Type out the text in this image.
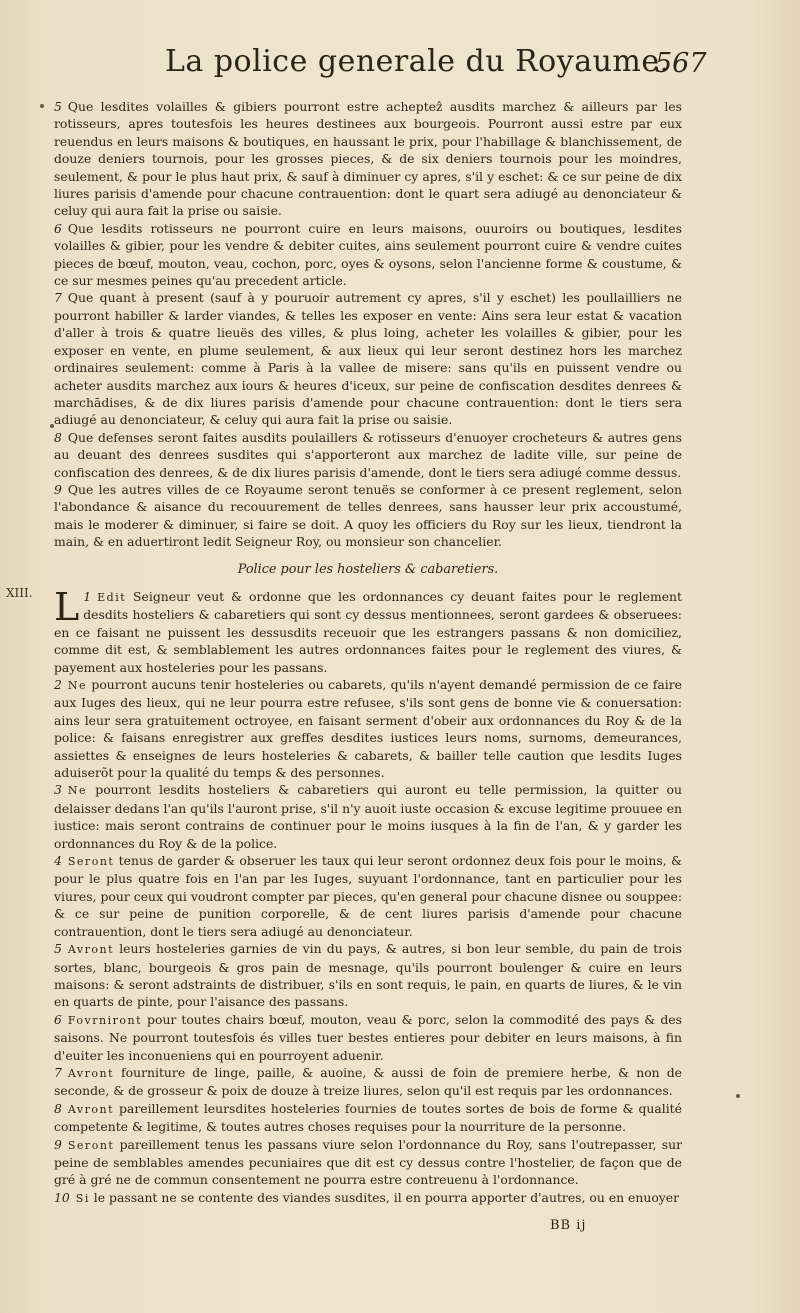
La police generale du Royaume.
567
XIII.

5 Que lesdites volailles & gibiers pourront estre achepteẑ ausdits marchez & ailleurs par les rotisseurs, apres toutesfois les heures destinees aux bourgeois. Pourront aussi estre par eux reuendus en leurs maisons & boutiques, en haussant le prix, pour l'habillage & blanchissement, de douze deniers tournois, pour les grosses pieces, & de six deniers tournois pour les moindres, seulement, & pour le plus haut prix, & sauf à diminuer cy apres, s'il y eschet: & ce sur peine de dix liures parisis d'amende pour chacune contrauention: dont le quart sera adiugé au denonciateur & celuy qui aura fait la prise ou saisie.

6 Que lesdits rotisseurs ne pourront cuire en leurs maisons, ouuroirs ou boutiques, lesdites volailles & gibier, pour les vendre & debiter cuites, ains seulement pourront cuire & vendre cuites pieces de bœuf, mouton, veau, cochon, porc, oyes & oysons, selon l'ancienne forme & coustume, & ce sur mesmes peines qu'au precedent article.

7 Que quant à present (sauf à y pouruoir autrement cy apres, s'il y eschet) les poullailliers ne pourront habiller & larder viandes, & telles les exposer en vente: Ains sera leur estat & vacation d'aller à trois & quatre lieuës des villes, & plus loing, acheter les volailles & gibier, pour les exposer en vente, en plume seulement, & aux lieux qui leur seront destinez hors les marchez ordinaires seulement: comme à Paris à la vallee de misere: sans qu'ils en puissent vendre ou acheter ausdits marchez aux iours & heures d'iceux, sur peine de confiscation desdites denrees & marchādises, & de dix liures parisis d'amende pour chacune contrauention: dont le tiers sera adiugé au denonciateur, & celuy qui aura fait la prise ou saisie.

8 Que defenses seront faites ausdits poulaillers & rotisseurs d'enuoyer crocheteurs & autres gens au deuant des denrees susdites qui s'apporteront aux marchez de ladite ville, sur peine de confiscation des denrees, & de dix liures parisis d'amende, dont le tiers sera adiugé comme dessus.

9 Que les autres villes de ce Royaume seront tenuës se conformer à ce present reglement, selon l'abondance & aisance du recouurement de telles denrees, sans hausser leur prix accoustumé, mais le moderer & diminuer, si faire se doit. A quoy les officiers du Roy sur les lieux, tiendront la main, & en aduertiront ledit Seigneur Roy, ou monsieur son chancelier.

Police pour les hosteliers & cabaretiers.

1
L Edit Seigneur veut & ordonne que les ordonnances cy deuant faites pour le reglement desdits hosteliers & cabaretiers qui sont cy dessus mentionnees, seront gardees & obseruees: en ce faisant ne puissent les dessusdits receuoir que les estrangers passans & non domiciliez, comme dit est, & semblablement les autres ordonnances faites pour le reglement des viures, & payement aux hosteleries pour les passans.

2 Ne pourront aucuns tenir hosteleries ou cabarets, qu'ils n'ayent demandé permission de ce faire aux Iuges des lieux, qui ne leur pourra estre refusee, s'ils sont gens de bonne vie & conuersation: ains leur sera gratuitement octroyee, en faisant serment d'obeir aux ordonnances du Roy & de la police: & faisans enregistrer aux greffes desdites iustices leurs noms, surnoms, demeurances, assiettes & enseignes de leurs hosteleries & cabarets, & bailler telle caution que lesdits Iuges aduiserõt pour la qualité du temps & des personnes.

3 Ne pourront lesdits hosteliers & cabaretiers qui auront eu telle permission, la quitter ou delaisser dedans l'an qu'ils l'auront prise, s'il n'y auoit iuste occasion & excuse legitime prouuee en iustice: mais seront contrains de continuer pour le moins iusques à la fin de l'an, & y garder les ordonnances du Roy & de la police.

4 Seront tenus de garder & obseruer les taux qui leur seront ordonnez deux fois pour le moins, & pour le plus quatre fois en l'an par les Iuges, suyuant l'ordonnance, tant en particulier pour les viures, pour ceux qui voudront compter par pieces, qu'en general pour chacune disnee ou souppee: & ce sur peine de punition corporelle, & de cent liures parisis d'amende pour chacune contrauention, dont le tiers sera adiugé au denonciateur.

5 Avront leurs hosteleries garnies de vin du pays, & autres, si bon leur semble, du pain de trois sortes, blanc, bourgeois & gros pain de mesnage, qu'ils pourront boulenger & cuire en leurs maisons: & seront adstraints de distribuer, s'ils en sont requis, le pain, en quarts de liures, & le vin en quarts de pinte, pour l'aisance des passans.

6 Fovrniront pour toutes chairs bœuf, mouton, veau & porc, selon la commodité des pays & des saisons. Ne pourront toutesfois és villes tuer bestes entieres pour debiter en leurs maisons, à fin d'euiter les inconueniens qui en pourroyent aduenir.

7 Avront fourniture de linge, paille, & auoine, & aussi de foin de premiere herbe, & non de seconde, & de grosseur & poix de douze à treize liures, selon qu'il est requis par les ordonnances.

8 Avront pareillement leursdites hosteleries fournies de toutes sortes de bois de forme & qualité competente & legitime, & toutes autres choses requises pour la nourriture de la personne.

9 Seront pareillement tenus les passans viure selon l'ordonnance du Roy, sans l'outrepasser, sur peine de semblables amendes pecuniaires que dit est cy dessus contre l'hostelier, de façon que de gré à gré ne de commun consentement ne pourra estre contreuenu à l'ordonnance.

10 Si le passant ne se contente des viandes susdites, il en pourra apporter d'autres, ou en enuoyer

BB ij
